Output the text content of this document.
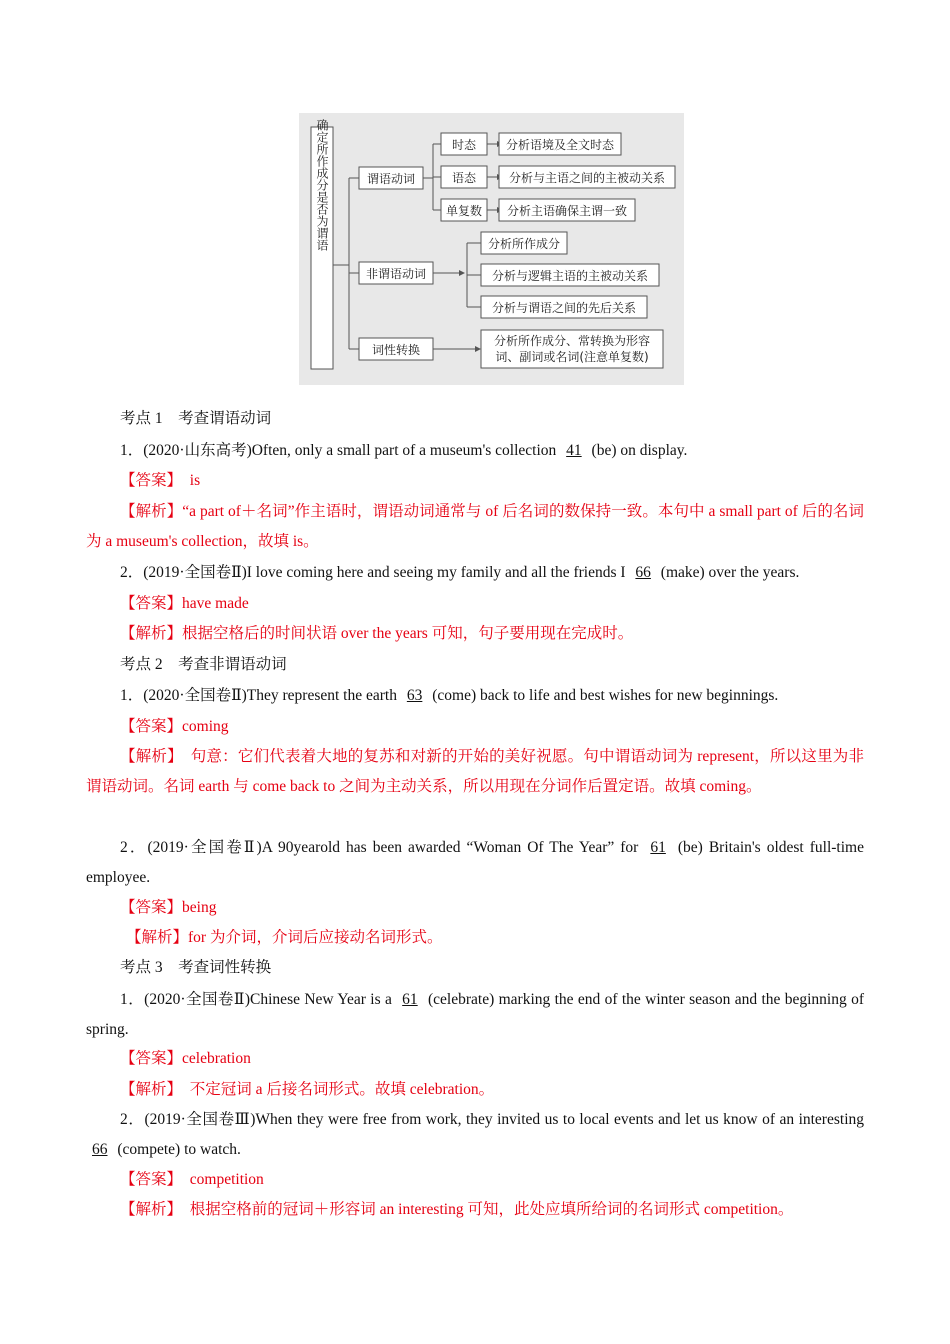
分析句子结构，确定所作成分是否为谓语	谓语动词
时态
语态
单复数
分析语境及全文时态
分析与主语之间的主被动关系
分析主语确保主谓一致
非谓语动词
分析所作成分
分析与逻辑主语的主被动关系
分析与谓语之间的先后关系
词性转换
分析所作成分、常转换为形容
词、副词或名词(注意单复数)
考点 1　考查谓语动词
1．(2020·山东高考)Often, only a small part of a museum's collection 41 (be) on display.
【答案】　is
【解析】“a part of＋名词”作主语时，谓语动词通常与 of 后名词的数保持一致。本句中 a small part of 后的名词为 a museum's collection，故填 is。
2．(2019·全国卷Ⅱ)I love coming here and seeing my family and all the friends I 66 (make) over the years.
【答案】have made
【解析】根据空格后的时间状语 over the years 可知，句子要用现在完成时。
考点 2　考查非谓语动词
1．(2020·全国卷Ⅱ)They represent the earth 63 (come) back to life and best wishes for new beginnings.
【答案】coming
【解析】　句意：它们代表着大地的复苏和对新的开始的美好祝愿。句中谓语动词为 represent，所以这里为非谓语动词。名词 earth 与 come back to 之间为主动关系，所以用现在分词作后置定语。故填 coming。
2．(2019·全国卷Ⅱ)A 90yearold has been awarded “Woman Of The Year” for 61 (be) Britain's oldest full-time employee.
【答案】being
【解析】for 为介词，介词后应接动名词形式。
考点 3　考查词性转换
1．(2020·全国卷Ⅱ)Chinese New Year is a 61 (celebrate) marking the end of the winter season and the beginning of spring.
【答案】celebration
【解析】　不定冠词 a 后接名词形式。故填 celebration。
2．(2019·全国卷Ⅲ)When they were free from work, they invited us to local events and let us know of an interesting 66 (compete) to watch.
【答案】　competition
【解析】　根据空格前的冠词＋形容词 an interesting 可知，此处应填所给词的名词形式 competition。
